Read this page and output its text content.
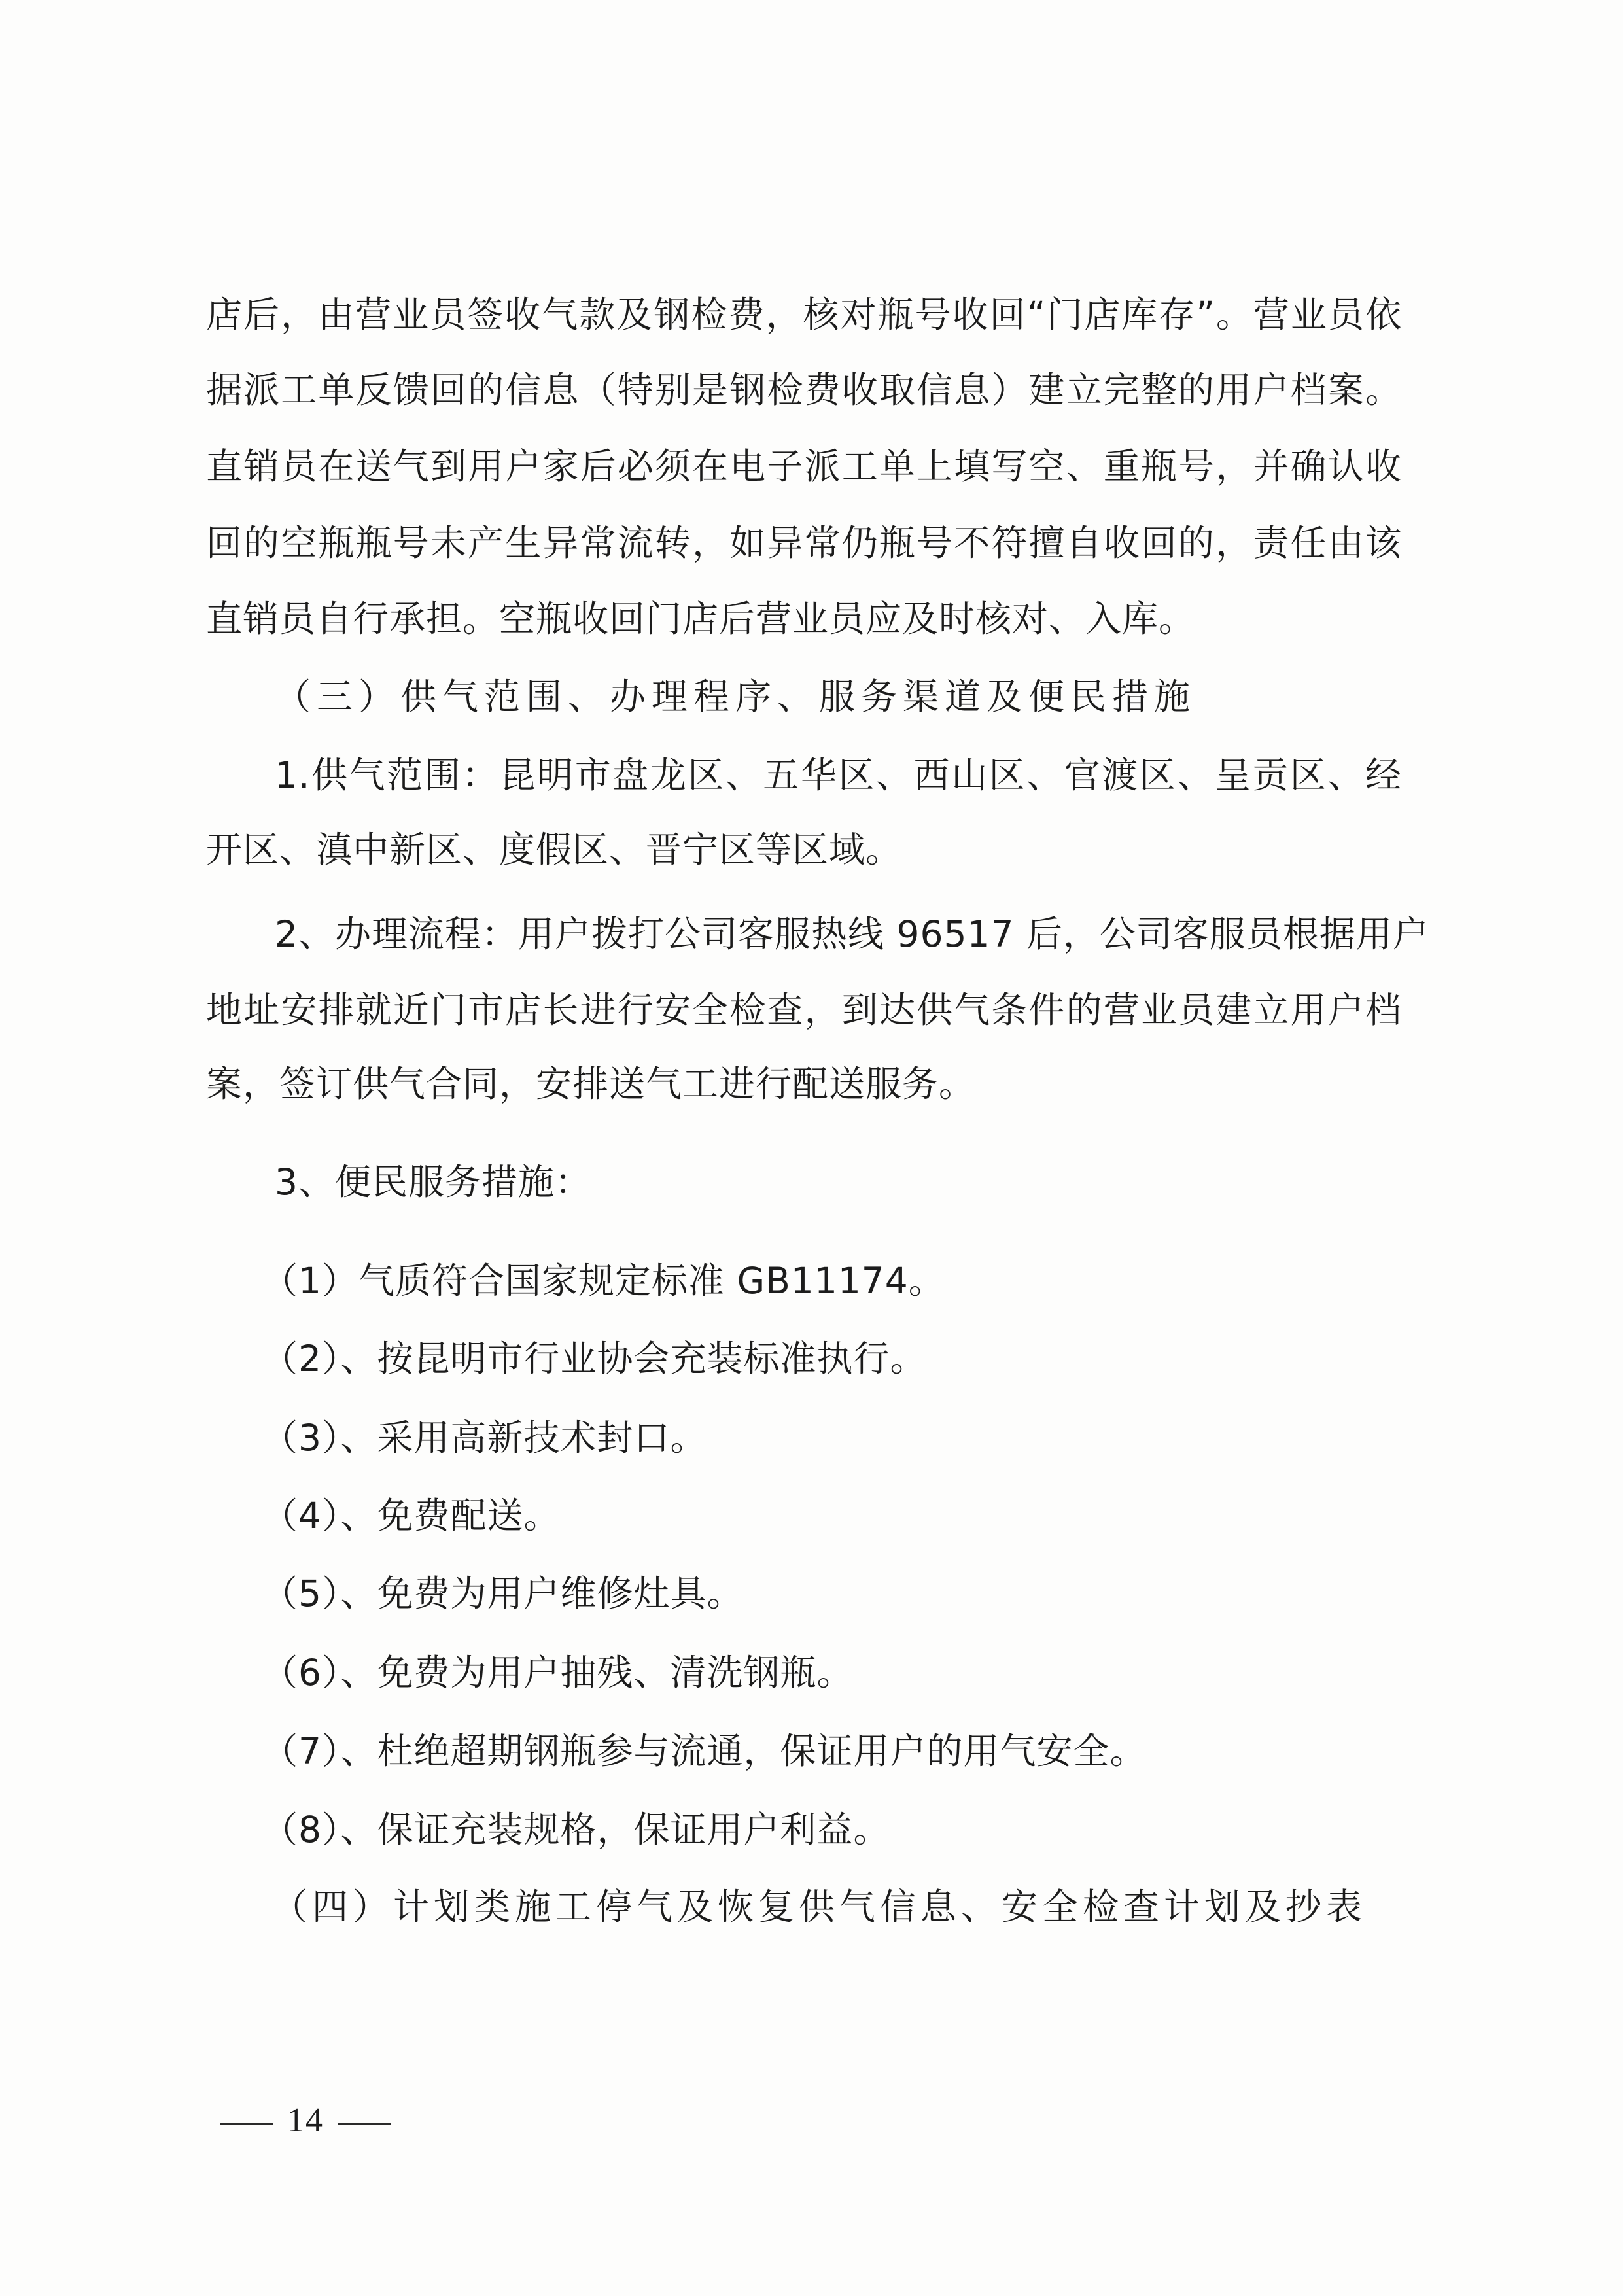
店后，由营业员签收气款及钢检费，核对瓶号收回“门店库存”。营业员依
据派工单反馈回的信息（特别是钢检费收取信息）建立完整的用户档案。
直销员在送气到用户家后必须在电子派工单上填写空、重瓶号，并确认收
回的空瓶瓶号未产生异常流转，如异常仍瓶号不符擅自收回的，责任由该
直销员自行承担。空瓶收回门店后营业员应及时核对、入库。
（三）供气范围、办理程序、服务渠道及便民措施
1.供气范围：昆明市盘龙区、五华区、西山区、官渡区、呈贡区、经
开区、滇中新区、度假区、晋宁区等区域。
2、办理流程：用户拨打公司客服热线 96517 后，公司客服员根据用户
地址安排就近门市店长进行安全检查，到达供气条件的营业员建立用户档
案，签订供气合同，安排送气工进行配送服务。
3、便民服务措施：
（1）气质符合国家规定标准 GB11174。
（2）、按昆明市行业协会充装标准执行。
（3）、采用高新技术封口。
（4）、免费配送。
（5）、免费为用户维修灶具。
（6）、免费为用户抽残、清洗钢瓶。
（7）、杜绝超期钢瓶参与流通，保证用户的用气安全。
（8）、保证充装规格，保证用户利益。
（四）计划类施工停气及恢复供气信息、安全检查计划及抄表
14
